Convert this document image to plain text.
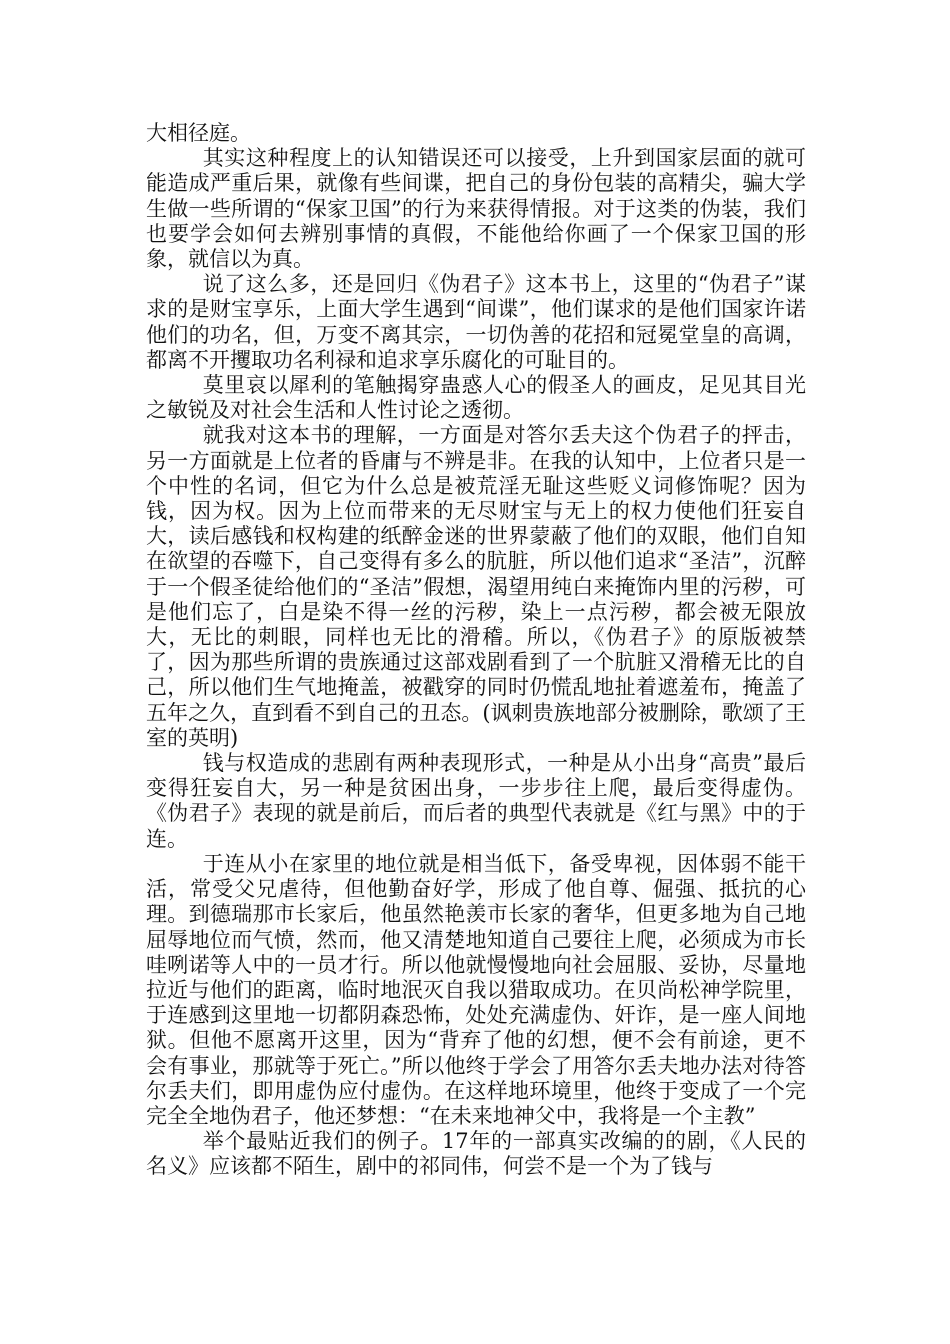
大相径庭。

其实这种程度上的认知错误还可以接受，上升到国家层面的就可能造成严重后果，就像有些间谍，把自己的身份包装的高精尖，骗大学生做一些所谓的“保家卫国”的行为来获得情报。对于这类的伪装，我们也要学会如何去辨别事情的真假，不能他给你画了一个保家卫国的形象，就信以为真。

说了这么多，还是回归《伪君子》这本书上，这里的“伪君子”谋求的是财宝享乐，上面大学生遇到“间谍”，他们谋求的是他们国家许诺他们的功名，但，万变不离其宗，一切伪善的花招和冠冕堂皇的高调，都离不开攫取功名利禄和追求享乐腐化的可耻目的。

莫里哀以犀利的笔触揭穿蛊惑人心的假圣人的画皮，足见其目光之敏锐及对社会生活和人性讨论之透彻。

就我对这本书的理解，一方面是对答尔丢夫这个伪君子的抨击，另一方面就是上位者的昏庸与不辨是非。在我的认知中，上位者只是一个中性的名词，但它为什么总是被荒淫无耻这些贬义词修饰呢？因为钱，因为权。因为上位而带来的无尽财宝与无上的权力使他们狂妄自大，读后感钱和权构建的纸醉金迷的世界蒙蔽了他们的双眼，他们自知在欲望的吞噬下，自己变得有多么的肮脏，所以他们追求“圣洁”，沉醉于一个假圣徒给他们的“圣洁”假想，渴望用纯白来掩饰内里的污秽，可是他们忘了，白是染不得一丝的污秽，染上一点污秽，都会被无限放大，无比的刺眼，同样也无比的滑稽。所以，《伪君子》的原版被禁了，因为那些所谓的贵族通过这部戏剧看到了一个肮脏又滑稽无比的自己，所以他们生气地掩盖，被戳穿的同时仍慌乱地扯着遮羞布，掩盖了五年之久，直到看不到自己的丑态。(讽刺贵族地部分被删除，歌颂了王室的英明)

钱与权造成的悲剧有两种表现形式，一种是从小出身“高贵”最后变得狂妄自大，另一种是贫困出身，一步步往上爬，最后变得虚伪。《伪君子》表现的就是前后，而后者的典型代表就是《红与黑》中的于连。

于连从小在家里的地位就是相当低下，备受卑视，因体弱不能干活，常受父兄虐待，但他勤奋好学，形成了他自尊、倔强、抵抗的心理。到德瑞那市长家后，他虽然艳羡市长家的奢华，但更多地为自己地屈辱地位而气愤，然而，他又清楚地知道自己要往上爬，必须成为市长哇咧诺等人中的一员才行。所以他就慢慢地向社会屈服、妥协，尽量地拉近与他们的距离，临时地泯灭自我以猎取成功。在贝尚松神学院里，于连感到这里地一切都阴森恐怖，处处充满虚伪、奸诈，是一座人间地狱。但他不愿离开这里，因为“背弃了他的幻想，便不会有前途，更不会有事业，那就等于死亡。”所以他终于学会了用答尔丢夫地办法对待答尔丢夫们，即用虚伪应付虚伪。在这样地环境里，他终于变成了一个完完全全地伪君子，他还梦想：“在未来地神父中，我将是一个主教”

举个最贴近我们的例子。17年的一部真实改编的的剧，《人民的名义》应该都不陌生，剧中的祁同伟，何尝不是一个为了钱与
